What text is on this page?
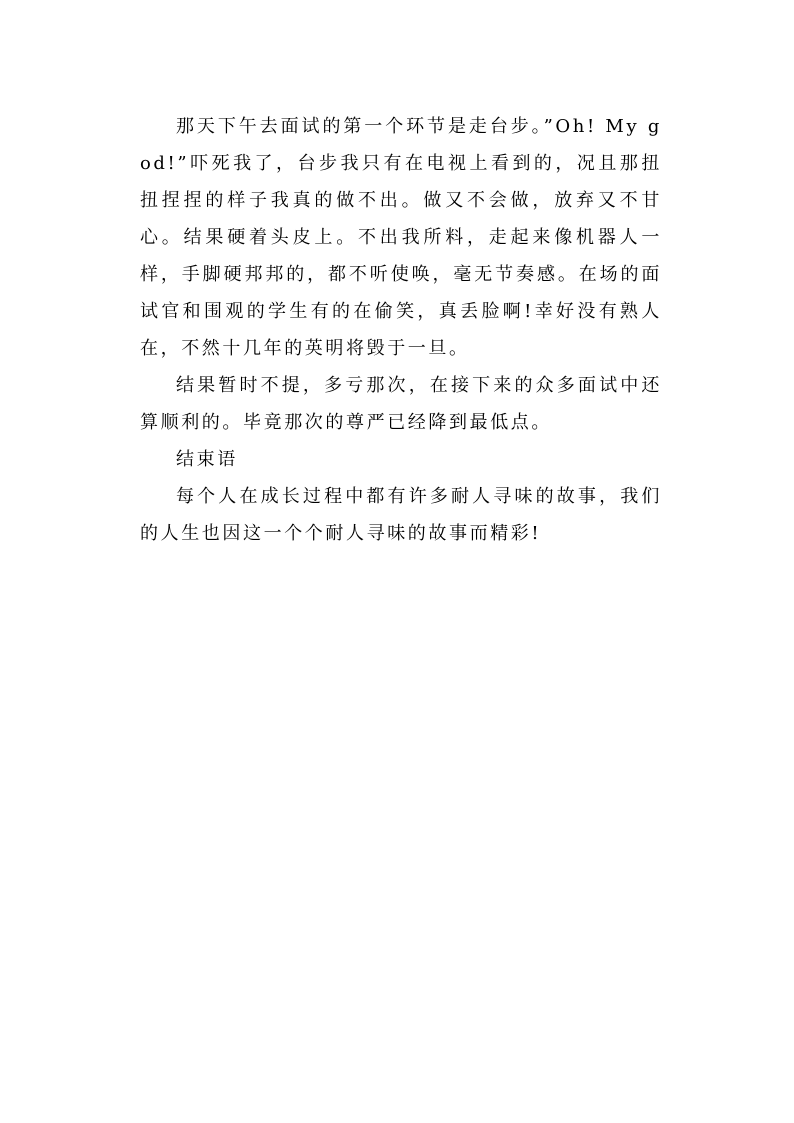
那天下午去面试的第一个环节是走台步。”Oh! My god!”吓死我了，台步我只有在电视上看到的，况且那扭扭捏捏的样子我真的做不出。做又不会做，放弃又不甘心。结果硬着头皮上。不出我所料，走起来像机器人一样，手脚硬邦邦的，都不听使唤，毫无节奏感。在场的面试官和围观的学生有的在偷笑，真丢脸啊!幸好没有熟人在，不然十几年的英明将毁于一旦。

结果暂时不提，多亏那次，在接下来的众多面试中还算顺利的。毕竟那次的尊严已经降到最低点。

结束语

每个人在成长过程中都有许多耐人寻味的故事，我们的人生也因这一个个耐人寻味的故事而精彩!
